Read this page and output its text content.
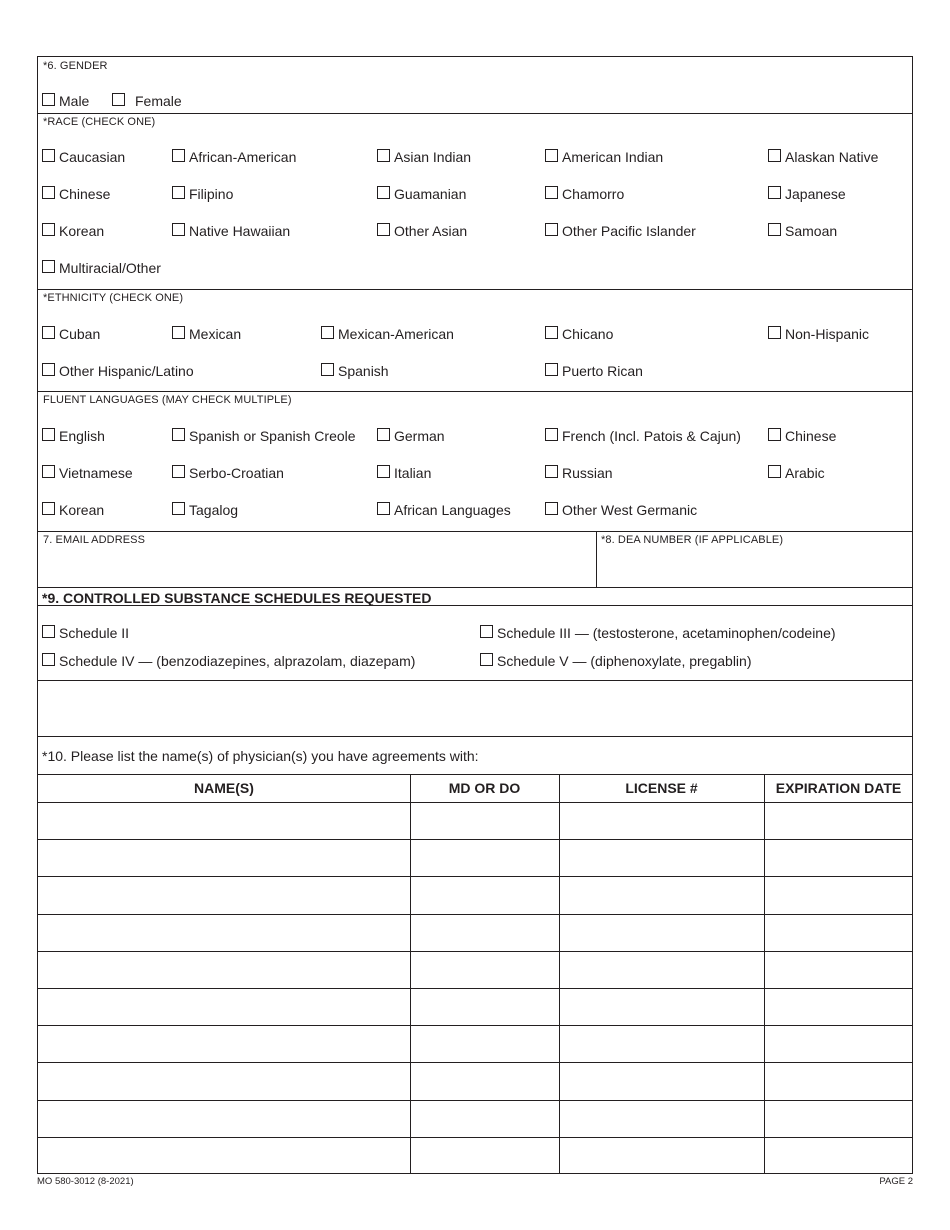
*6. GENDER
Male	Female
*RACE (CHECK ONE)
Caucasian	African-American	Asian Indian	American Indian	Alaskan Native
Chinese	Filipino	Guamanian	Chamorro	Japanese
Korean	Native Hawaiian	Other Asian	Other Pacific Islander	Samoan
Multiracial/Other
*ETHNICITY (CHECK ONE)
Cuban	Mexican	Mexican-American	Chicano	Non-Hispanic
Other Hispanic/Latino	Spanish	Puerto Rican
FLUENT LANGUAGES (MAY CHECK MULTIPLE)
English	Spanish or Spanish Creole	German	French (Incl. Patois & Cajun)	Chinese
Vietnamese	Serbo-Croatian	Italian	Russian	Arabic
Korean	Tagalog	African Languages	Other West Germanic
7. EMAIL ADDRESS	*8. DEA NUMBER (IF APPLICABLE)
*9. CONTROLLED SUBSTANCE SCHEDULES REQUESTED
Schedule II	Schedule III — (testosterone, acetaminophen/codeine)
Schedule IV — (benzodiazepines, alprazolam, diazepam)	Schedule V — (diphenoxylate, pregablin)
*10. Please list the name(s) of physician(s) you have agreements with:
NAME(S)	MD OR DO	LICENSE #	EXPIRATION DATE
MO 580-3012 (8-2021)	PAGE 2
